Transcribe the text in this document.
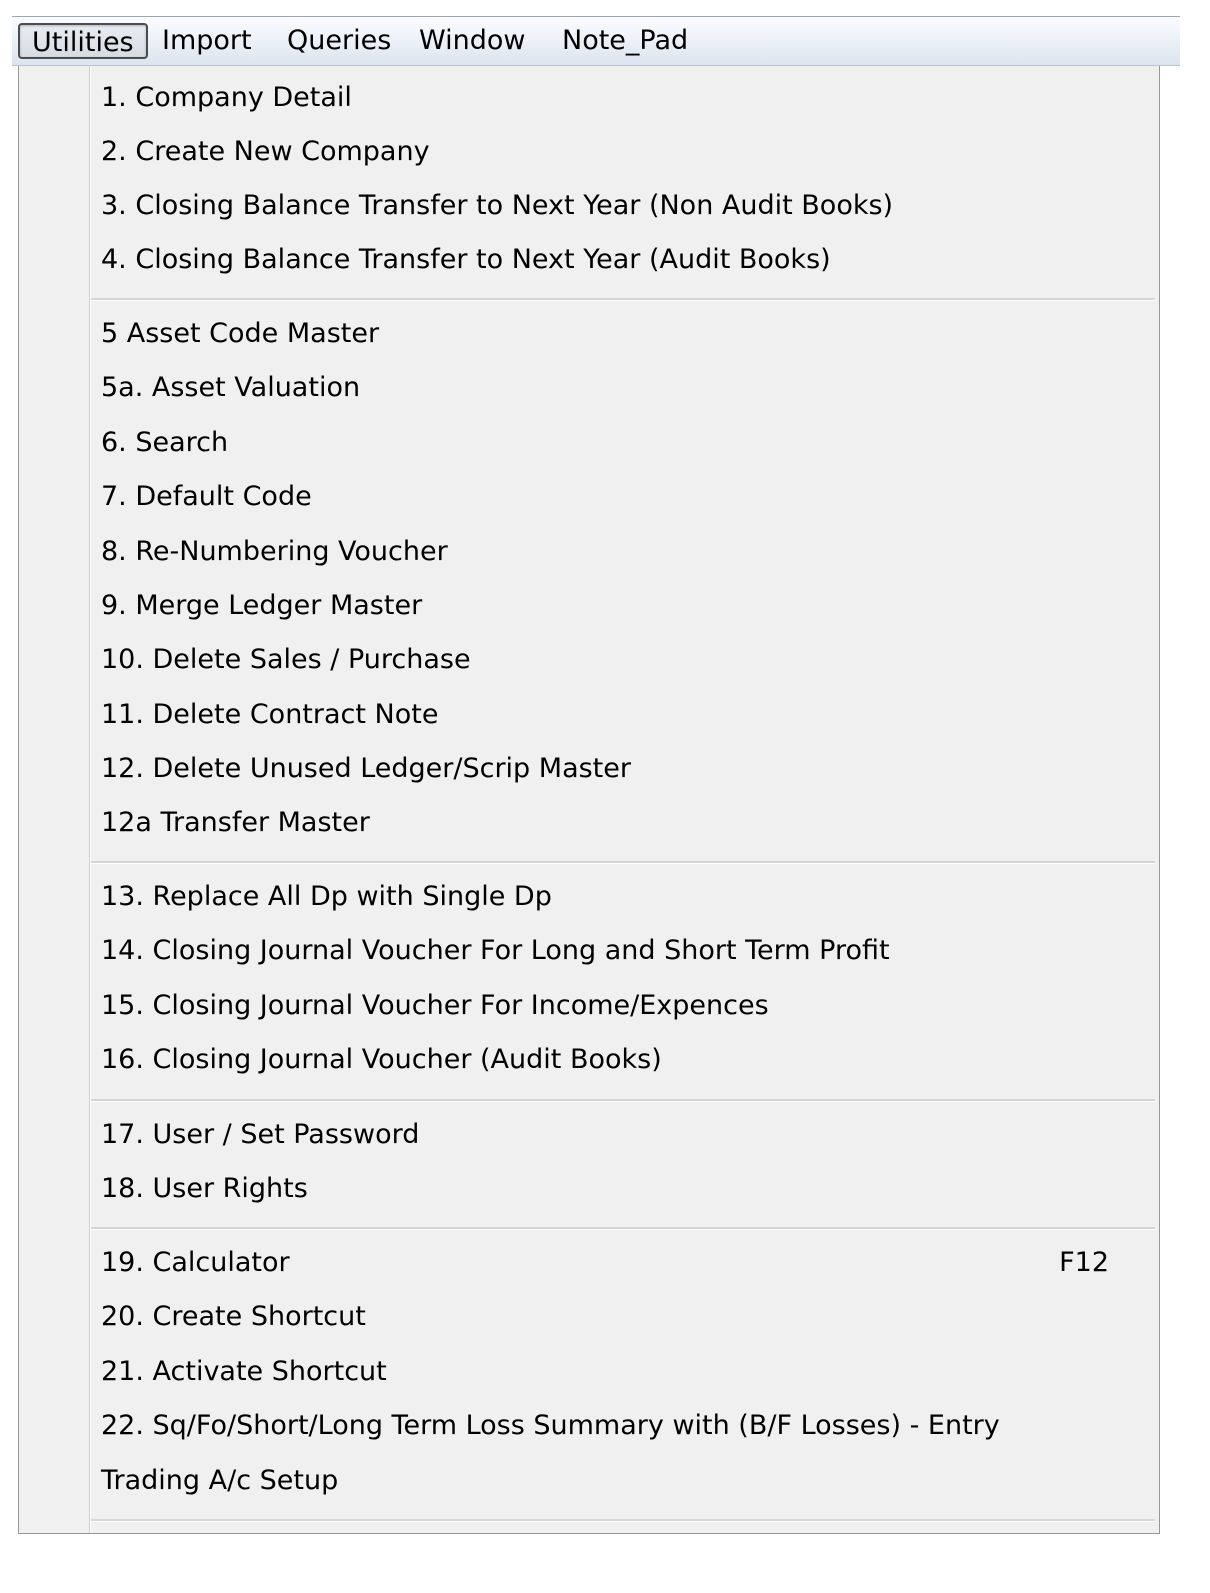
Utilities	Import	Queries	Window	Note_Pad
1. Company Detail
2. Create New Company
3. Closing Balance Transfer to Next Year (Non Audit Books)
4. Closing Balance Transfer to Next Year (Audit Books)
5 Asset Code Master
5a. Asset Valuation
6. Search
7. Default Code
8. Re-Numbering Voucher
9. Merge Ledger Master
10. Delete Sales / Purchase
11. Delete Contract Note
12. Delete Unused Ledger/Scrip Master
12a Transfer Master
13. Replace All Dp with Single Dp
14. Closing Journal Voucher For Long and Short Term Profit
15. Closing Journal Voucher For Income/Expences
16. Closing Journal Voucher (Audit Books)
17. User / Set Password
18. User Rights
19. Calculator	F12
20. Create Shortcut
21. Activate Shortcut
22. Sq/Fo/Short/Long Term Loss Summary with (B/F Losses) - Entry
Trading A/c Setup
